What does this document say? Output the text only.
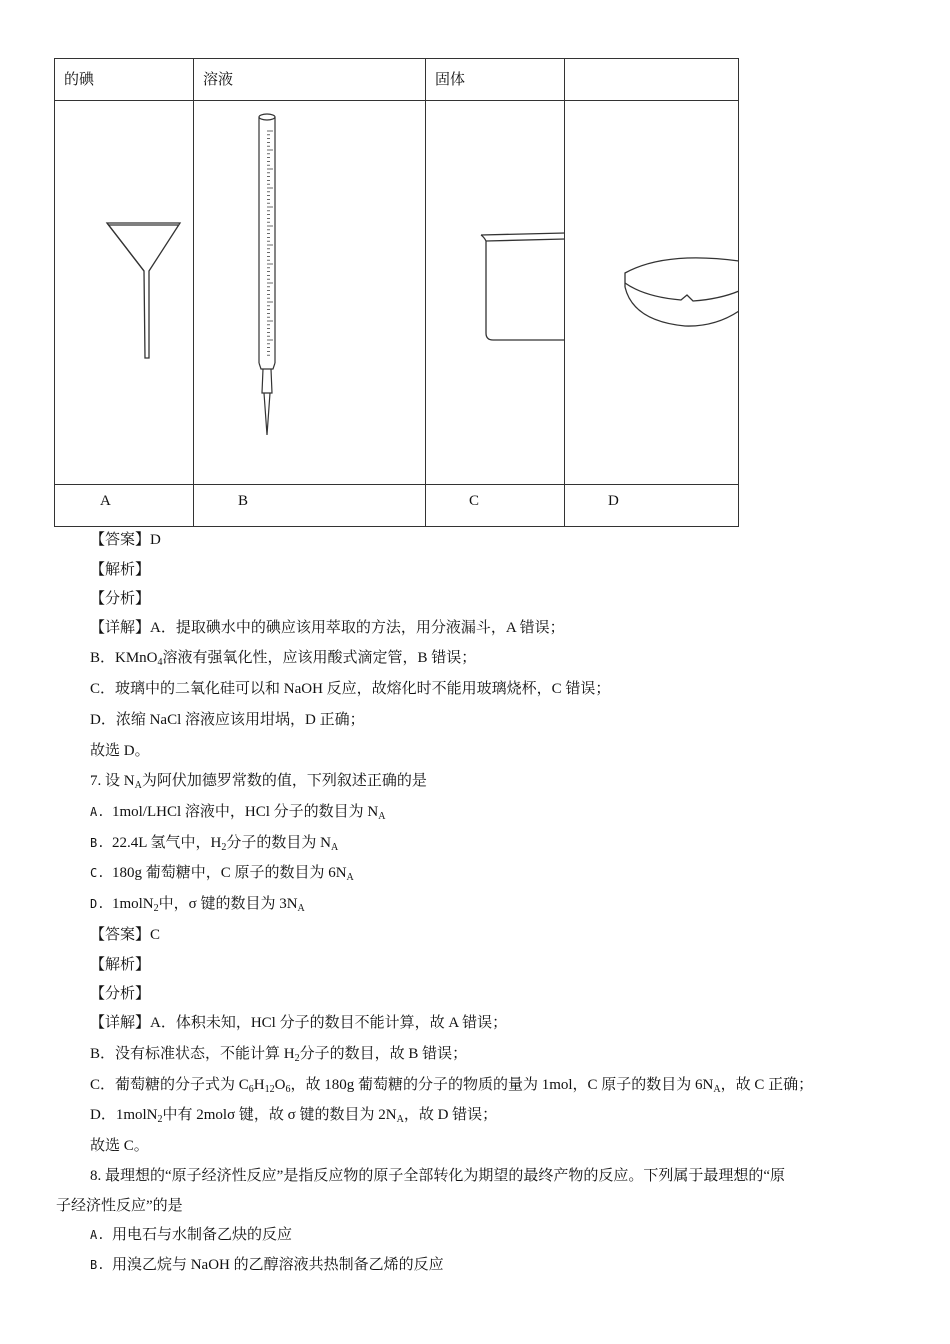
的碘	溶液	固体	

A	B	C	D
【答案】D
【解析】
【分析】
【详解】A．提取碘水中的碘应该用萃取的方法，用分液漏斗，A 错误；
B．KMnO$_4$溶液有强氧化性，应该用酸式滴定管，B 错误；
C．玻璃中的二氧化硅可以和 NaOH 反应，故熔化时不能用玻璃烧杯，C 错误；
D．浓缩 NaCl 溶液应该用坩埚，D 正确；
故选 D。
7. 设 $N_A$为阿伏加德罗常数的值，下列叙述正确的是
A. 1mol/LHCl 溶液中，HCl 分子的数目为 $N_A$
B. 22.4L 氢气中，$H_2$分子的数目为 $N_A$
C. 180g 葡萄糖中，C 原子的数目为 $6N_A$
D. 1molN$_2$中，σ 键的数目为 $3N_A$
【答案】C
【解析】
【分析】
【详解】A．体积未知，HCl 分子的数目不能计算，故 A 错误；
B．没有标准状态，不能计算 $H_2$分子的数目，故 B 错误；
C．葡萄糖的分子式为 $C_6H_{12}O_6$，故 180g 葡萄糖的分子的物质的量为 1mol，C 原子的数目为 $6N_A$，故 C 正确；
D．1molN$_2$中有 2molσ 键，故 σ 键的数目为 $2N_A$，故 D 错误；
故选 C。
8. 最理想的“原子经济性反应”是指反应物的原子全部转化为期望的最终产物的反应。下列属于最理想的“原
子经济性反应”的是
A. 用电石与水制备乙炔的反应
B. 用溴乙烷与 NaOH 的乙醇溶液共热制备乙烯的反应
